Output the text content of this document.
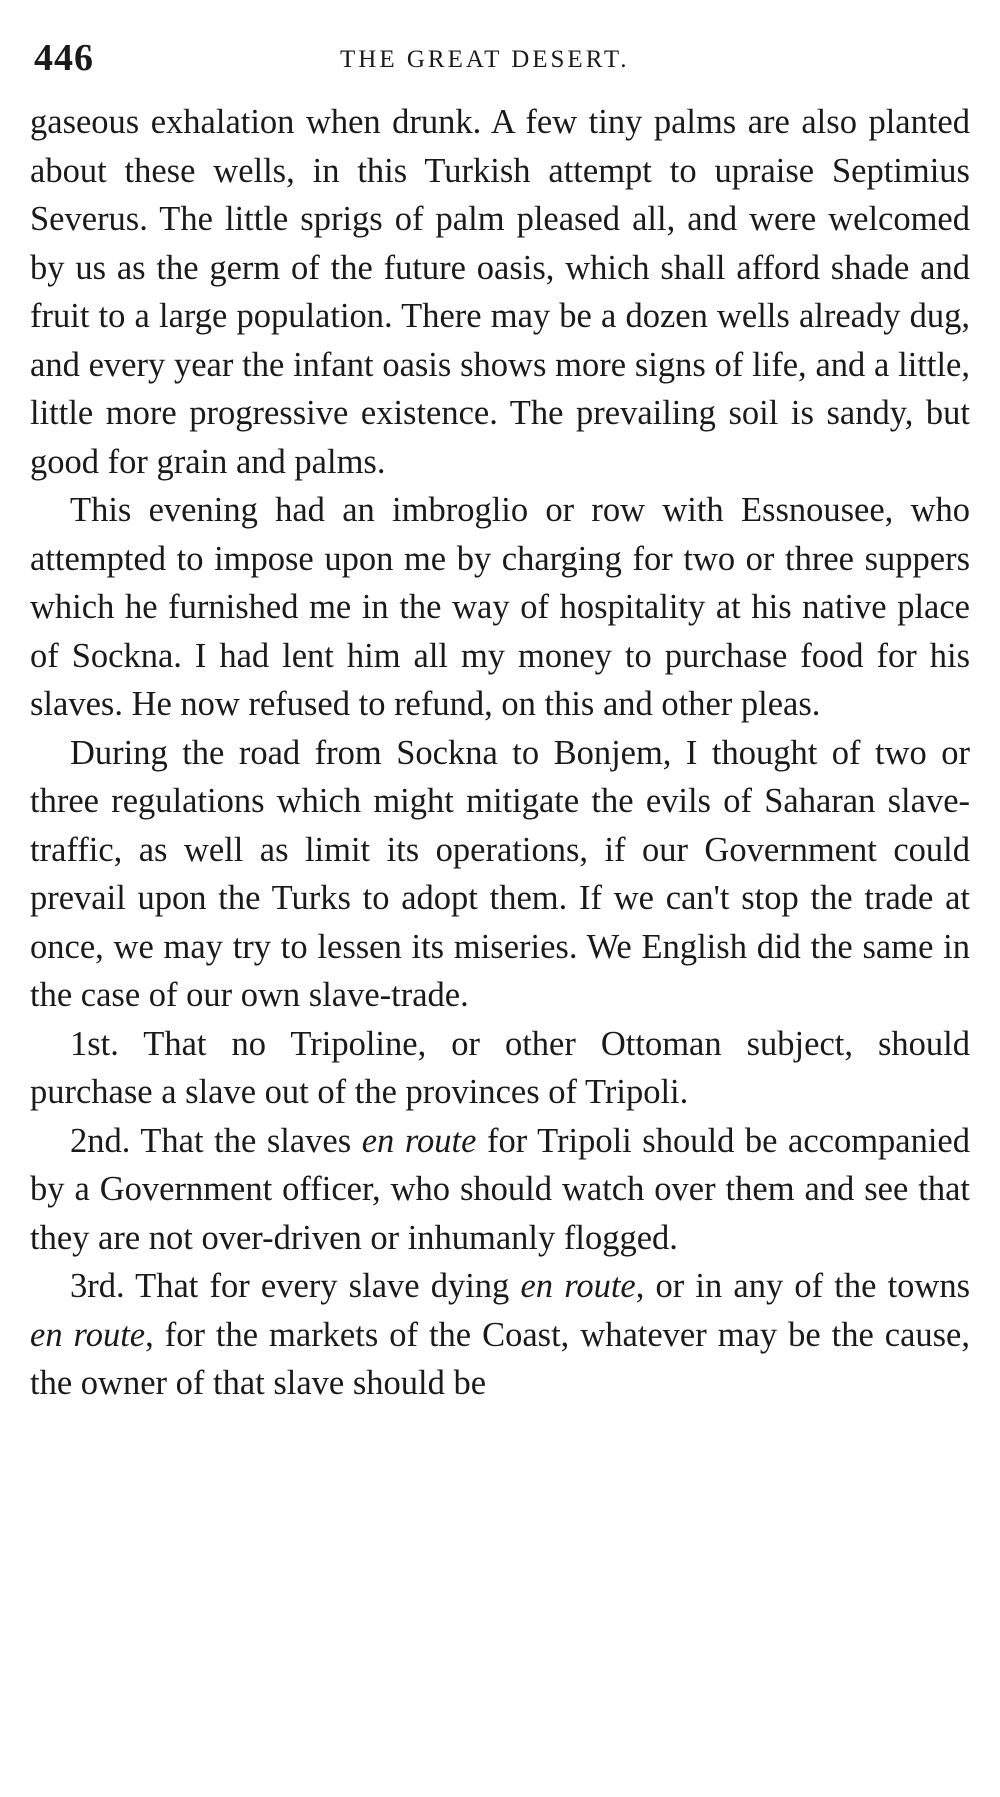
446	THE GREAT DESERT.

gaseous exhalation when drunk. A few tiny palms are also planted about these wells, in this Turkish attempt to upraise Septimius Severus. The little sprigs of palm pleased all, and were welcomed by us as the germ of the future oasis, which shall afford shade and fruit to a large population. There may be a dozen wells already dug, and every year the infant oasis shows more signs of life, and a little, little more progressive existence. The prevailing soil is sandy, but good for grain and palms.

This evening had an imbroglio or row with Essnousee, who attempted to impose upon me by charging for two or three suppers which he furnished me in the way of hospitality at his native place of Sockna. I had lent him all my money to purchase food for his slaves. He now refused to refund, on this and other pleas.

During the road from Sockna to Bonjem, I thought of two or three regulations which might mitigate the evils of Saharan slave-traffic, as well as limit its operations, if our Government could prevail upon the Turks to adopt them. If we can't stop the trade at once, we may try to lessen its miseries. We English did the same in the case of our own slave-trade.

1st. That no Tripoline, or other Ottoman subject, should purchase a slave out of the provinces of Tripoli.

2nd. That the slaves en route for Tripoli should be accompanied by a Government officer, who should watch over them and see that they are not over-driven or inhumanly flogged.

3rd. That for every slave dying en route, or in any of the towns en route, for the markets of the Coast, whatever may be the cause, the owner of that slave should be
